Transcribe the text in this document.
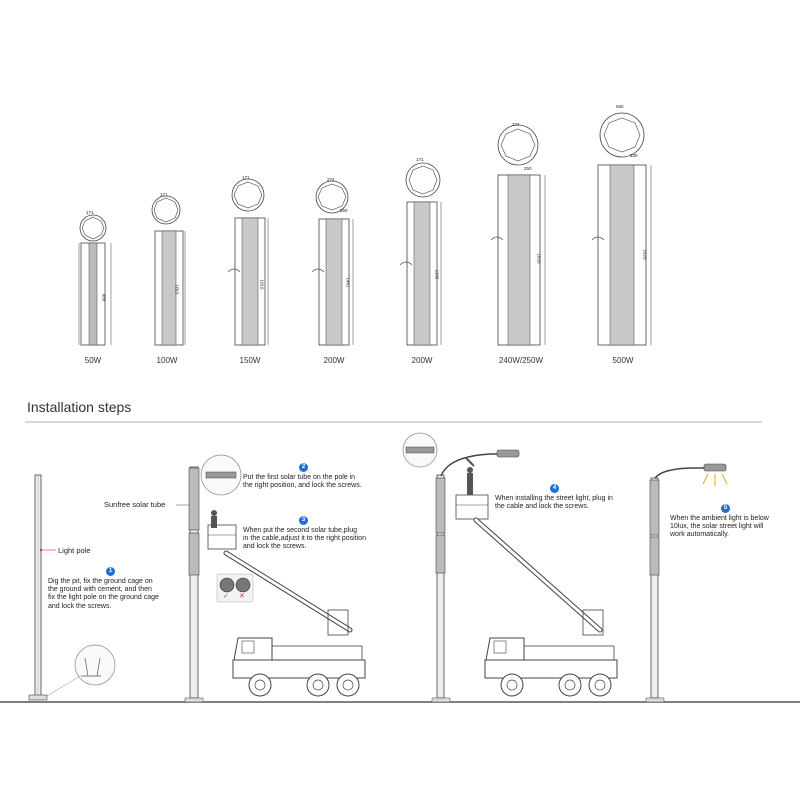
171
988
171
1015
171
1016
274
250
1451
171
1186
274
250
1820
550
530
1820
50W	100W	150W	200W	200W	240W/250W	500W
Installation steps
✓ ✕
Sunfree solar tube
Light pole
1
2
3
4
5
Dig the pit, fix the ground cage on
the ground with cement, and then
fix the light pole on the ground cage
and lock the screws.
Put the first solar tube on the pole in
the right position, and lock the screws.
When put the second solar tube,plug
in the cable,adjust it to the right position
and lock the screws.
When installing the street light, plug in
the cable and lock the screws.
When the ambient light is below
10lux, the solar street light will
work automatically.
